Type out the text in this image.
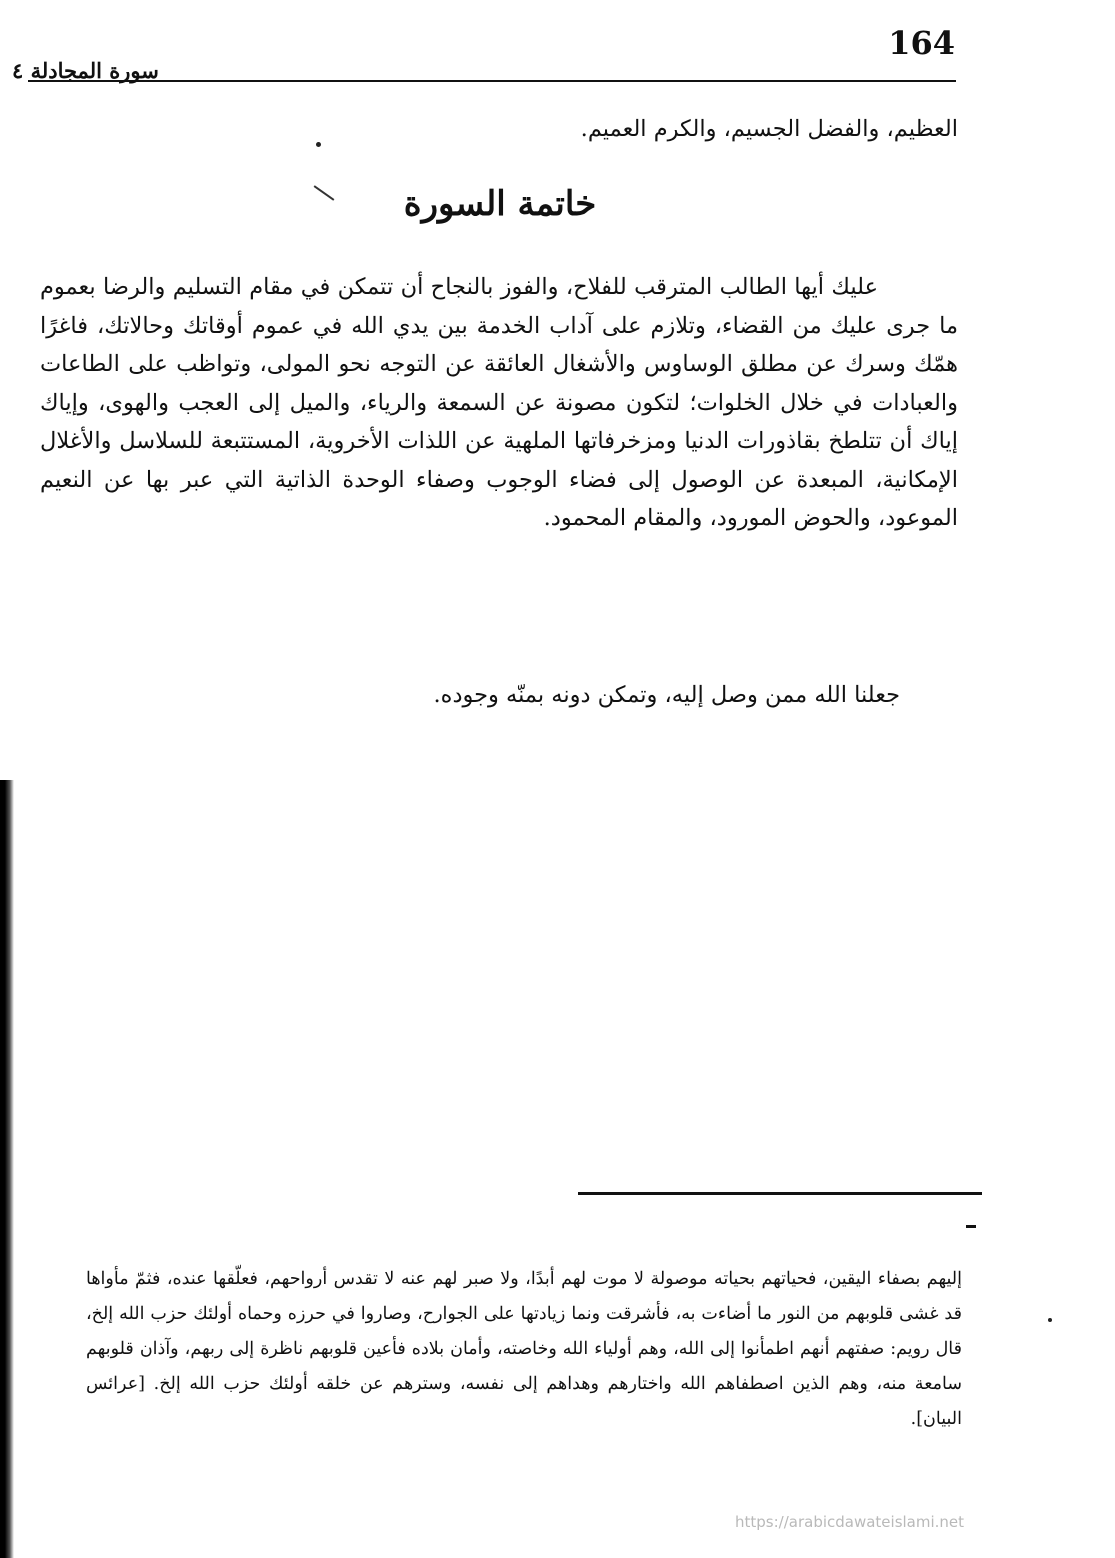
164
سورة المجادلة ٤
العظيم، والفضل الجسيم، والكرم العميم.
خاتمة السورة
عليك أيها الطالب المترقب للفلاح، والفوز بالنجاح أن تتمكن في مقام التسليم والرضا بعموم ما جرى عليك من القضاء، وتلازم على آداب الخدمة بين يدي الله في عموم أوقاتك وحالاتك، فاغرًا همّك وسرك عن مطلق الوساوس والأشغال العائقة عن التوجه نحو المولى، وتواظب على الطاعات والعبادات في خلال الخلوات؛ لتكون مصونة عن السمعة والرياء، والميل إلى العجب والهوى، وإياك إياك أن تتلطخ بقاذورات الدنيا ومزخرفاتها الملهية عن اللذات الأخروية، المستتبعة للسلاسل والأغلال الإمكانية، المبعدة عن الوصول إلى فضاء الوجوب وصفاء الوحدة الذاتية التي عبر بها عن النعيم الموعود، والحوض المورود، والمقام المحمود.
جعلنا الله ممن وصل إليه، وتمكن دونه بمنّه وجوده.
إليهم بصفاء اليقين، فحياتهم بحياته موصولة لا موت لهم أبدًا، ولا صبر لهم عنه لا تقدس أرواحهم، فعلّقها عنده، فثمّ مأواها قد غشى قلوبهم من النور ما أضاءت به، فأشرقت ونما زيادتها على الجوارح، وصاروا في حرزه وحماه أولئك حزب الله إلخ، قال رويم: صفتهم أنهم اطمأنوا إلى الله، وهم أولياء الله وخاصته، وأمان بلاده فأعين قلوبهم ناظرة إلى ربهم، وآذان قلوبهم سامعة منه، وهم الذين اصطفاهم الله واختارهم وهداهم إلى نفسه، وسترهم عن خلقه أولئك حزب الله إلخ. [عرائس البيان].
https://arabicdawateislami.net
